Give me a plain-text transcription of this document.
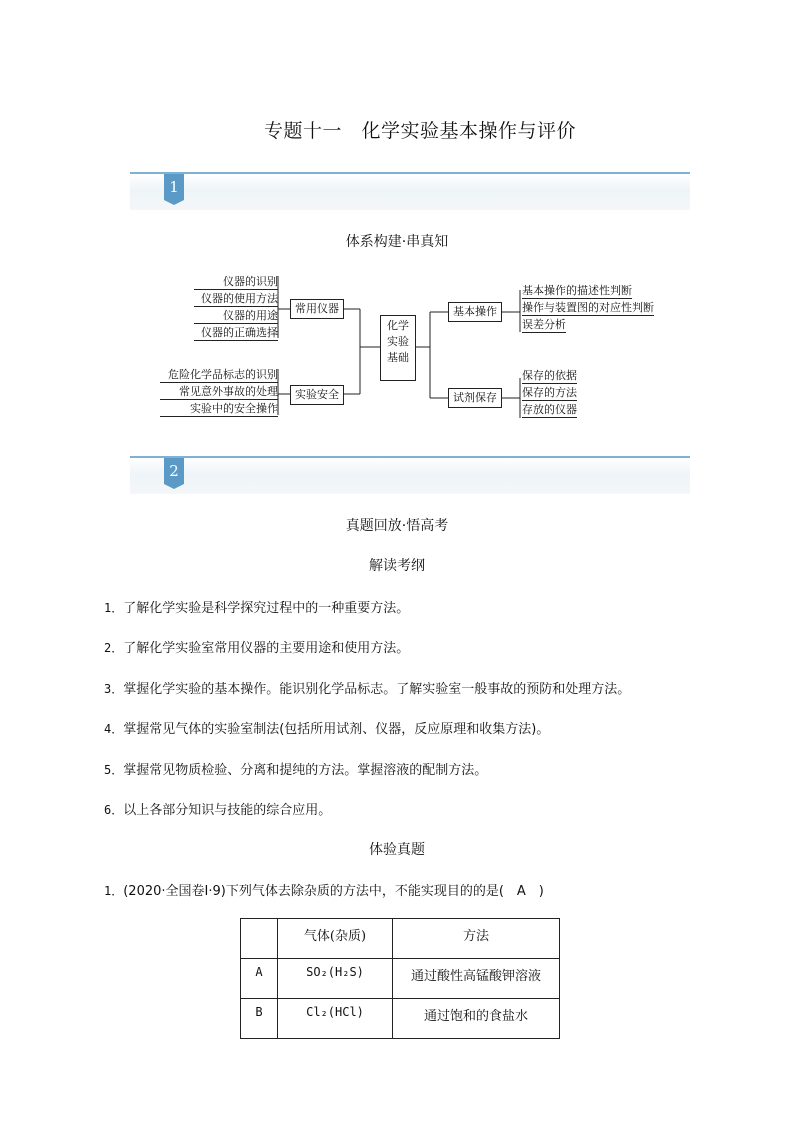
专题十一　化学实验基本操作与评价
1
体系构建·串真知
仪器的识别
仪器的使用方法
仪器的用途
仪器的正确选择
常用仪器
危险化学品标志的识别
常见意外事故的处理
实验中的安全操作
实验安全
化学
实验
基础
基本操作
试剂保存
基本操作的描述性判断
操作与装置图的对应性判断
误差分析
保存的依据
保存的方法
存放的仪器
2
真题回放·悟高考
解读考纲
1．了解化学实验是科学探究过程中的一种重要方法。
2．了解化学实验室常用仪器的主要用途和使用方法。
3．掌握化学实验的基本操作。能识别化学品标志。了解实验室一般事故的预防和处理方法。
4．掌握常见气体的实验室制法(包括所用试剂、仪器，反应原理和收集方法)。
5．掌握常见物质检验、分离和提纯的方法。掌握溶液的配制方法。
6．以上各部分知识与技能的综合应用。
体验真题
1．(2020·全国卷Ⅰ·9)下列气体去除杂质的方法中，不能实现目的的是(　A　)
	气体(杂质)	方法
A	SO₂(H₂S)	通过酸性高锰酸钾溶液
B	Cl₂(HCl)	通过饱和的食盐水
